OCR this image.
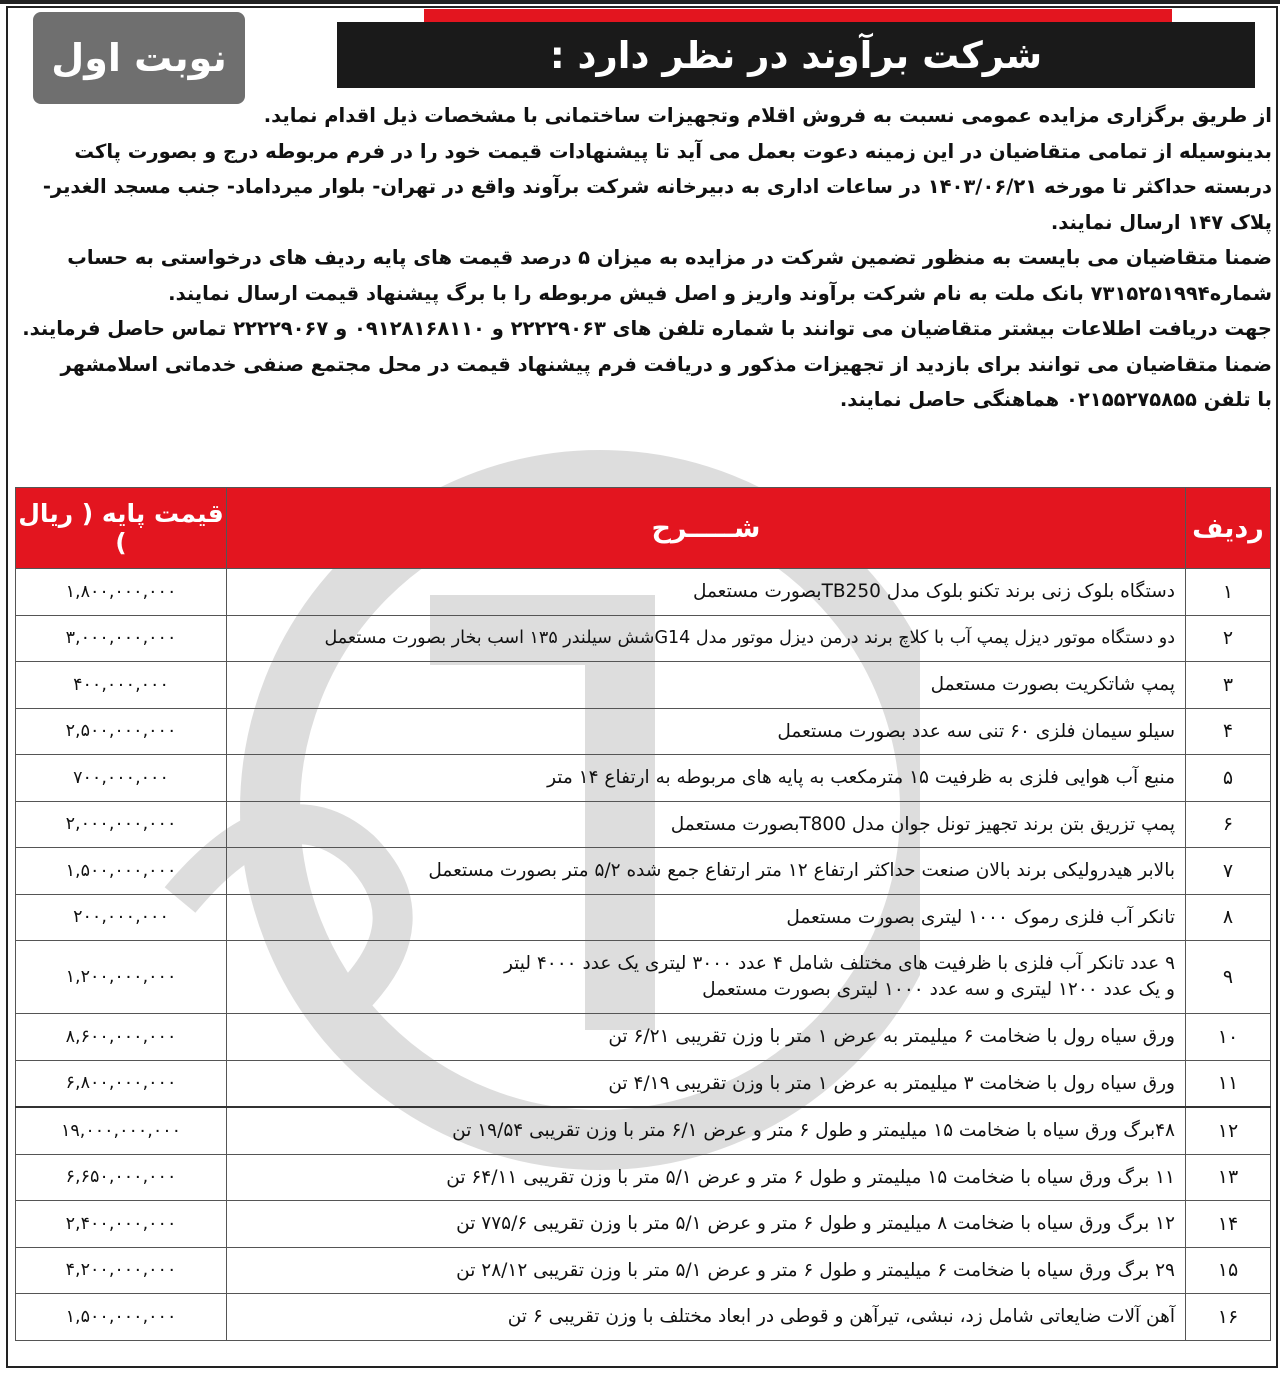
شرکت برآوند در نظر دارد :
نوبت اول

از طریق برگزاری مزایده عمومی نسبت به فروش اقلام وتجهیزات ساختمانی با مشخصات ذیل اقدام نماید.

بدینوسیله از تمامی متقاضیان در این زمینه دعوت بعمل می آید تا پیشنهادات قیمت خود را در فرم مربوطه درج و بصورت پاکت

دربسته حداکثر تا مورخه ۱۴۰۳/۰۶/۲۱ در ساعات اداری به دبیرخانه شرکت برآوند واقع در تهران- بلوار میرداماد- جنب مسجد الغدیر-

پلاک ۱۴۷ ارسال نمایند.

ضمنا متقاضیان می بایست به منظور تضمین شرکت در مزایده به میزان ۵ درصد قیمت های پایه ردیف های درخواستی به حساب

شماره۷۳۱۵۲۵۱۹۹۴ بانک ملت به نام شرکت برآوند واریز و اصل فیش مربوطه را با برگ پیشنهاد قیمت ارسال نمایند.

جهت دریافت اطلاعات بیشتر متقاضیان می توانند با شماره تلفن های ۲۲۲۲۹۰۶۳ و ۰۹۱۲۸۱۶۸۱۱۰ و ۲۲۲۲۹۰۶۷ تماس حاصل فرمایند.

ضمنا متقاضیان می توانند برای بازدید از تجهیزات مذکور و دریافت فرم پیشنهاد قیمت در محل مجتمع صنفی خدماتی اسلامشهر

با تلفن ۰۲۱۵۵۲۷۵۸۵۵ هماهنگی حاصل نمایند.

ردیف	شـــــرح	قیمت پایه ( ریال )
۱	دستگاه بلوک زنی برند تکنو بلوک مدل TB250بصورت مستعمل	۱,۸۰۰,۰۰۰,۰۰۰
۲	دو دستگاه موتور دیزل پمپ آب با کلاچ برند درمن دیزل موتور مدل G14شش سیلندر ۱۳۵ اسب بخار بصورت مستعمل	۳,۰۰۰,۰۰۰,۰۰۰
۳	پمپ شاتکریت بصورت مستعمل	۴۰۰,۰۰۰,۰۰۰
۴	سیلو سیمان فلزی ۶۰ تنی سه عدد بصورت مستعمل	۲,۵۰۰,۰۰۰,۰۰۰
۵	منبع آب هوایی فلزی به ظرفیت ۱۵ مترمکعب به پایه های مربوطه به ارتفاع ۱۴ متر	۷۰۰,۰۰۰,۰۰۰
۶	پمپ تزریق بتن برند تجهیز تونل جوان مدل T800بصورت مستعمل	۲,۰۰۰,۰۰۰,۰۰۰
۷	بالابر هیدرولیکی برند بالان صنعت حداکثر ارتفاع ۱۲ متر ارتفاع جمع شده ۵/۲ متر بصورت مستعمل	۱,۵۰۰,۰۰۰,۰۰۰
۸	تانکر آب فلزی رموک ۱۰۰۰ لیتری بصورت مستعمل	۲۰۰,۰۰۰,۰۰۰
۹	۹ عدد تانکر آب فلزی با ظرفیت های مختلف شامل ۴ عدد ۳۰۰۰ لیتری یک عدد ۴۰۰۰ لیتر
و یک عدد ۱۲۰۰ لیتری و سه عدد ۱۰۰۰ لیتری بصورت مستعمل	۱,۲۰۰,۰۰۰,۰۰۰
۱۰	ورق سیاه رول با ضخامت ۶ میلیمتر به عرض ۱ متر با وزن تقریبی ۶/۲۱ تن	۸,۶۰۰,۰۰۰,۰۰۰
۱۱	ورق سیاه رول با ضخامت ۳ میلیمتر به عرض ۱ متر با وزن تقریبی ۴/۱۹ تن	۶,۸۰۰,۰۰۰,۰۰۰
۱۲	۴۸برگ ورق سیاه با ضخامت ۱۵ میلیمتر و طول ۶ متر و عرض ۶/۱ متر با وزن تقریبی ۱۹/۵۴ تن	۱۹,۰۰۰,۰۰۰,۰۰۰
۱۳	۱۱ برگ ورق سیاه با ضخامت ۱۵ میلیمتر و طول ۶ متر و عرض ۵/۱ متر با وزن تقریبی ۶۴/۱۱ تن	۶,۶۵۰,۰۰۰,۰۰۰
۱۴	۱۲ برگ ورق سیاه با ضخامت ۸ میلیمتر و طول ۶ متر و عرض ۵/۱ متر با وزن تقریبی ۷۷۵/۶ تن	۲,۴۰۰,۰۰۰,۰۰۰
۱۵	۲۹ برگ ورق سیاه با ضخامت ۶ میلیمتر و طول ۶ متر و عرض ۵/۱ متر با وزن تقریبی ۲۸/۱۲ تن	۴,۲۰۰,۰۰۰,۰۰۰
۱۶	آهن آلات ضایعاتی شامل زد، نبشی، تیرآهن و قوطی در ابعاد مختلف با وزن تقریبی ۶ تن	۱,۵۰۰,۰۰۰,۰۰۰
